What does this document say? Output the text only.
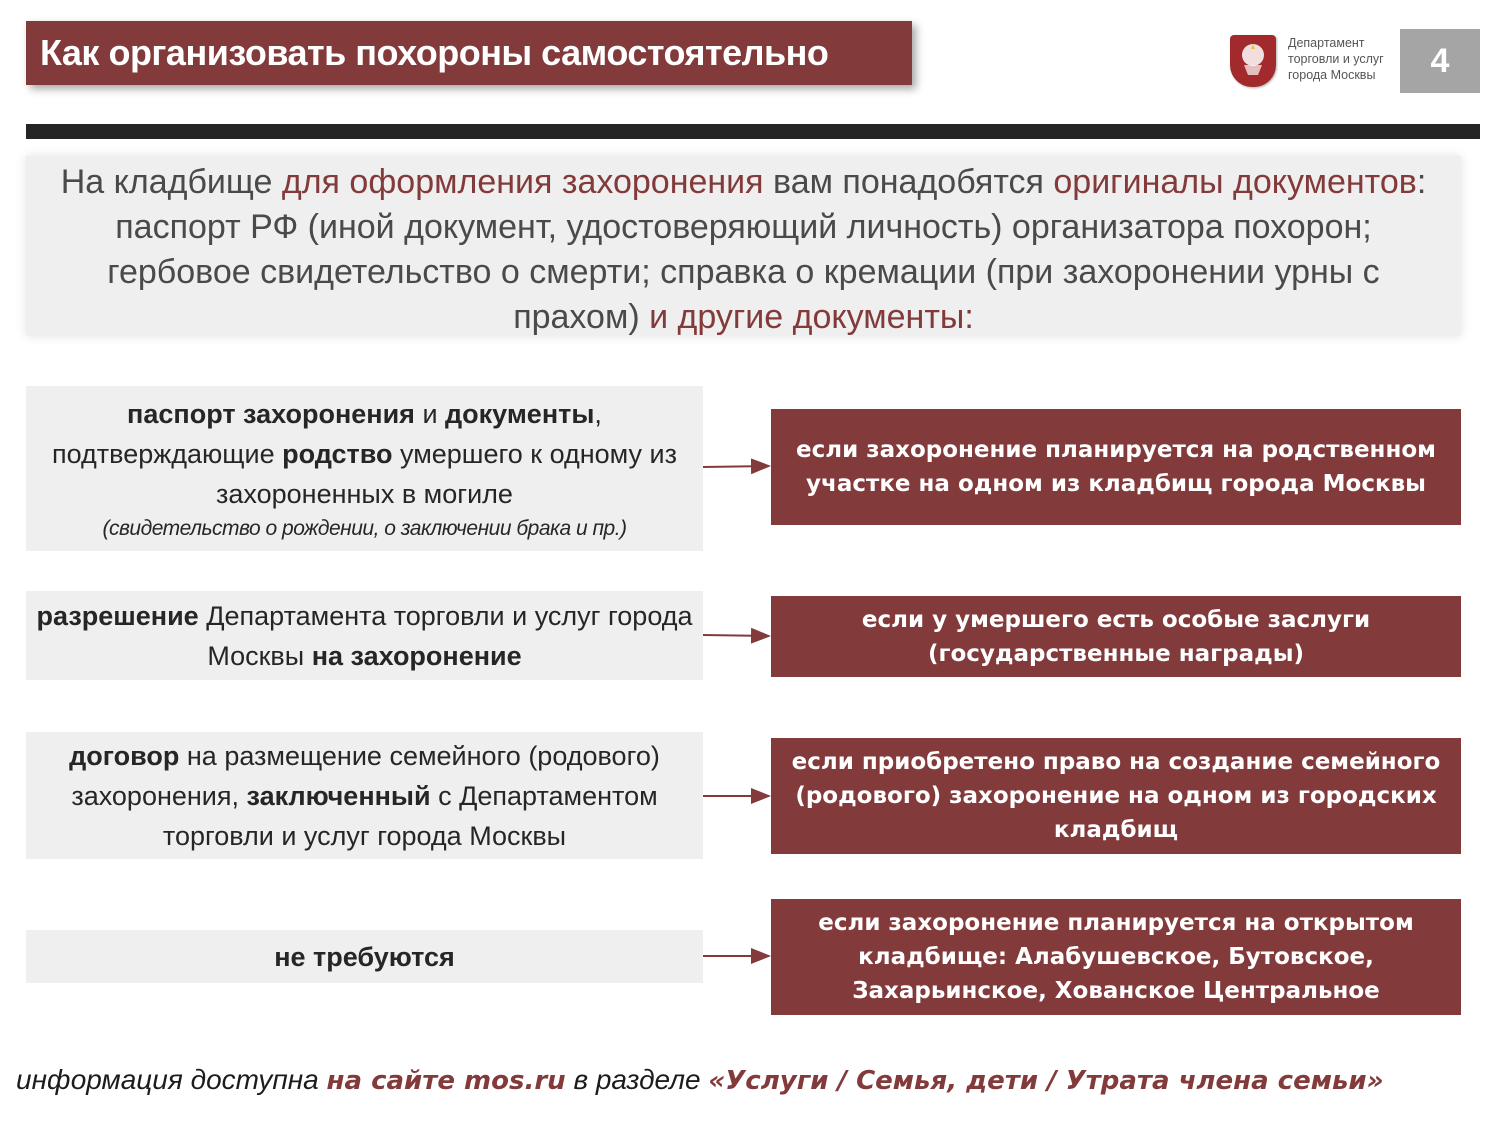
Как организовать похороны самостоятельно	Департамент
торговли и услуг
города Москвы	4
На кладбище для оформления захоронения вам понадобятся оригиналы документов: паспорт РФ (иной документ, удостоверяющий личность) организатора похорон; гербовое свидетельство о смерти; справка о кремации (при захоронении урны с прахом) и другие документы:
паспорт захоронения и документы, подтверждающие родство умершего к одному из захороненных в могиле
(свидетельство о рождении, о заключении брака и пр.)
если захоронение планируется на родственном участке на одном из кладбищ города Москвы
разрешение Департамента торговли и услуг города Москвы на захоронение
если у умершего есть особые заслуги (государственные награды)
договор на размещение семейного (родового) захоронения, заключенный с Департаментом торговли и услуг города Москвы
если приобретено право на создание семейного (родового) захоронение на одном из городских кладбищ
не требуются
если захоронение планируется на открытом кладбище: Алабушевское, Бутовское, Захарьинское, Хованское Центральное
информация доступна на сайте mos.ru в разделе «Услуги / Семья, дети / Утрата члена семьи»
